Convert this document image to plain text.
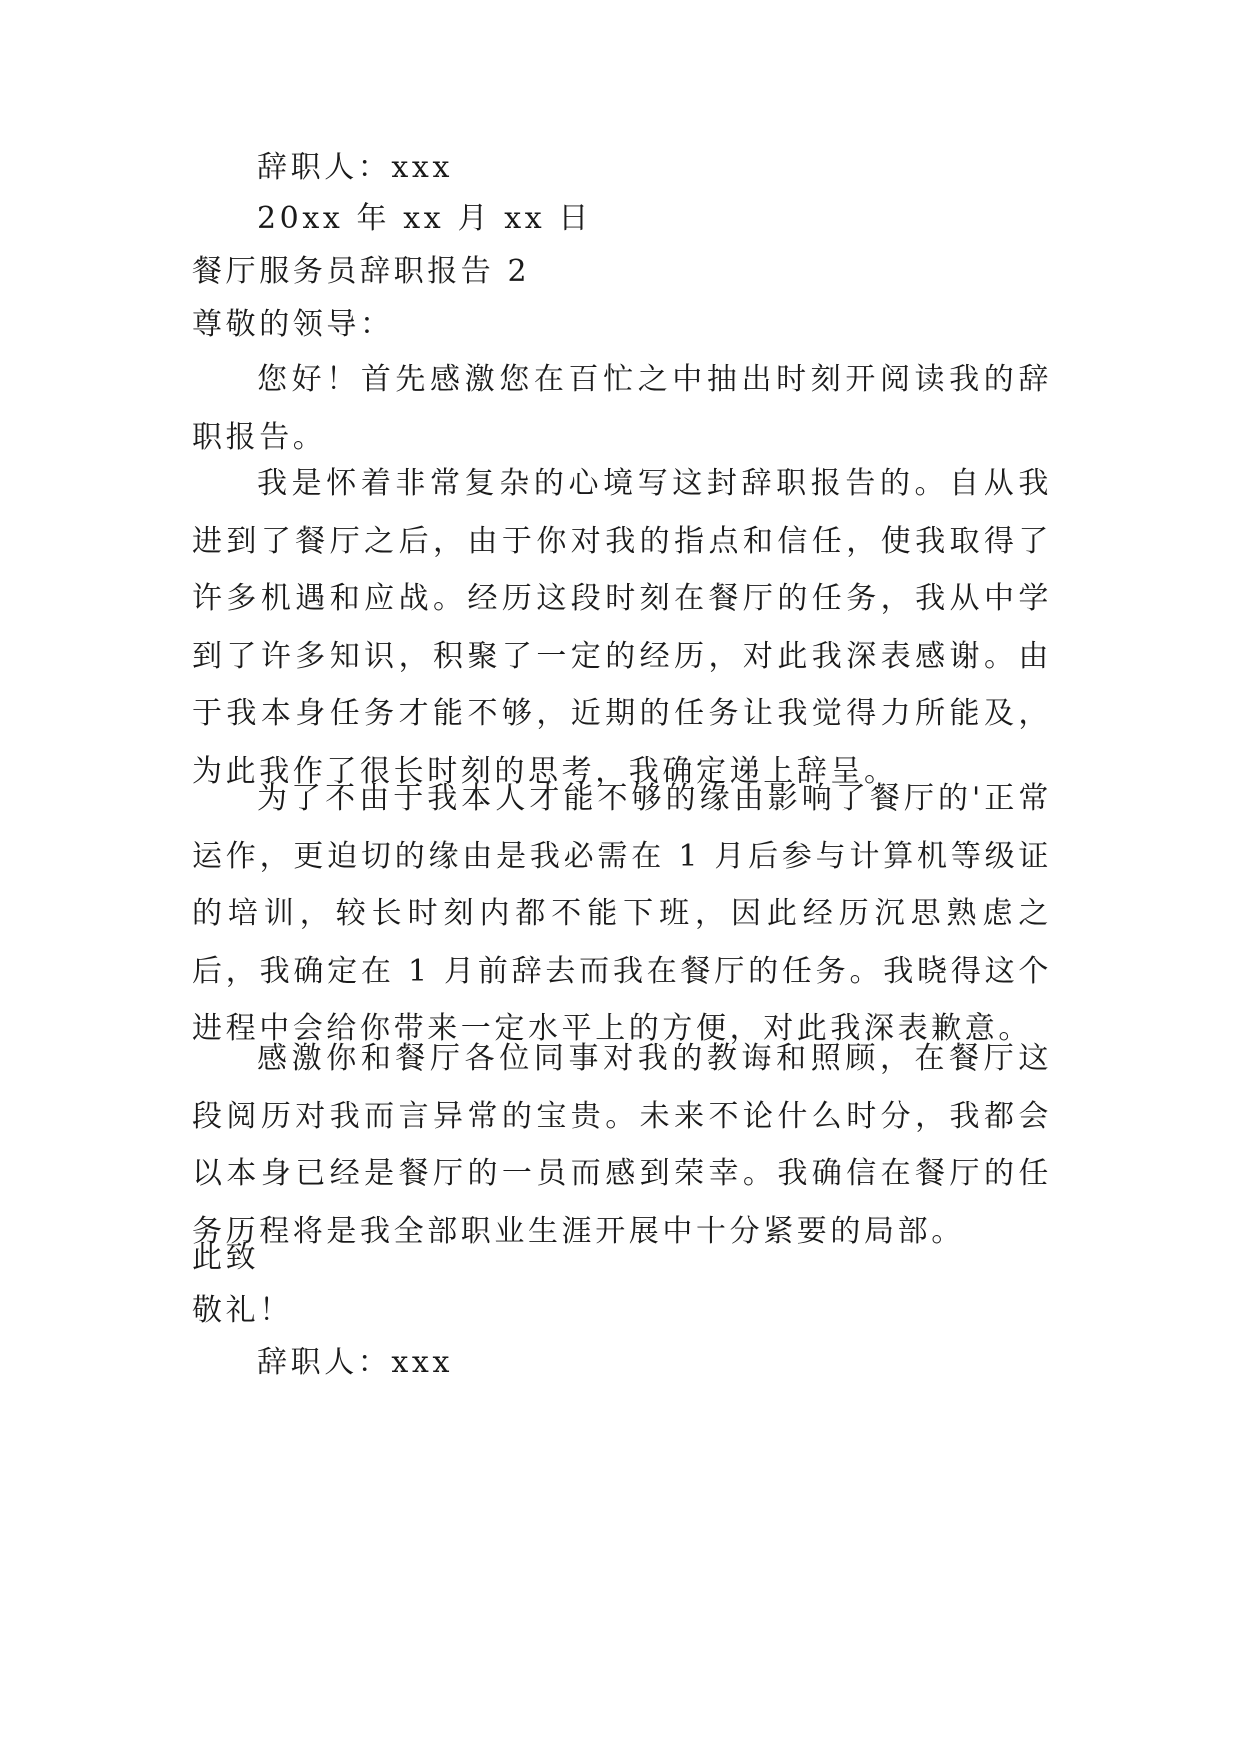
辞职人：xxx
20xx 年 xx 月 xx 日
餐厅服务员辞职报告 2
尊敬的领导：

您好！首先感激您在百忙之中抽出时刻开阅读我的辞职报告。

我是怀着非常复杂的心境写这封辞职报告的。自从我进到了餐厅之后，由于你对我的指点和信任，使我取得了许多机遇和应战。经历这段时刻在餐厅的任务，我从中学到了许多知识，积聚了一定的经历，对此我深表感谢。由于我本身任务才能不够，近期的任务让我觉得力所能及，为此我作了很长时刻的思考，我确定递上辞呈。

为了不由于我本人才能不够的缘由影响了餐厅的'正常运作，更迫切的缘由是我必需在 1 月后参与计算机等级证的培训，较长时刻内都不能下班，因此经历沉思熟虑之后，我确定在 1 月前辞去而我在餐厅的任务。我晓得这个进程中会给你带来一定水平上的方便，对此我深表歉意。

感激你和餐厅各位同事对我的教诲和照顾，在餐厅这段阅历对我而言异常的宝贵。未来不论什么时分，我都会以本身已经是餐厅的一员而感到荣幸。我确信在餐厅的任务历程将是我全部职业生涯开展中十分紧要的局部。

此致
敬礼！
辞职人：xxx
